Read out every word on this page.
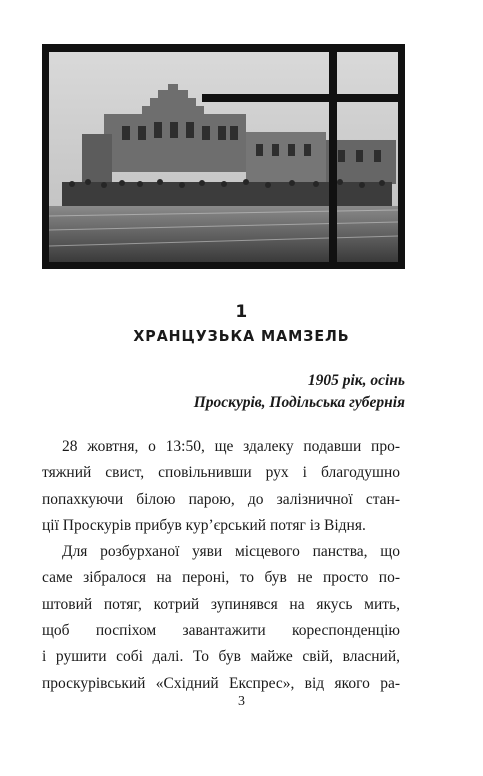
1
ХРАНЦУЗЬКА МАМЗЕЛЬ
1905 рік, осінь
Проскурів, Подільська губернія
28 жовтня, о 13:50, ще здалеку подавши про-
тяжний свист, сповільнивши рух і благодушно
попахкуючи білою парою, до залізничної стан-
ції Проскурів прибув кур’єрський потяг із Відня.
Для розбурханої уяви місцевого панства, що
саме зібралося на пероні, то був не просто по-
штовий потяг, котрий зупинявся на якусь мить,
щоб поспіхом завантажити кореспонденцію
і рушити собі далі. То був майже свій, власний,
проскурівський «Східний Експрес», від якого ра-
3
